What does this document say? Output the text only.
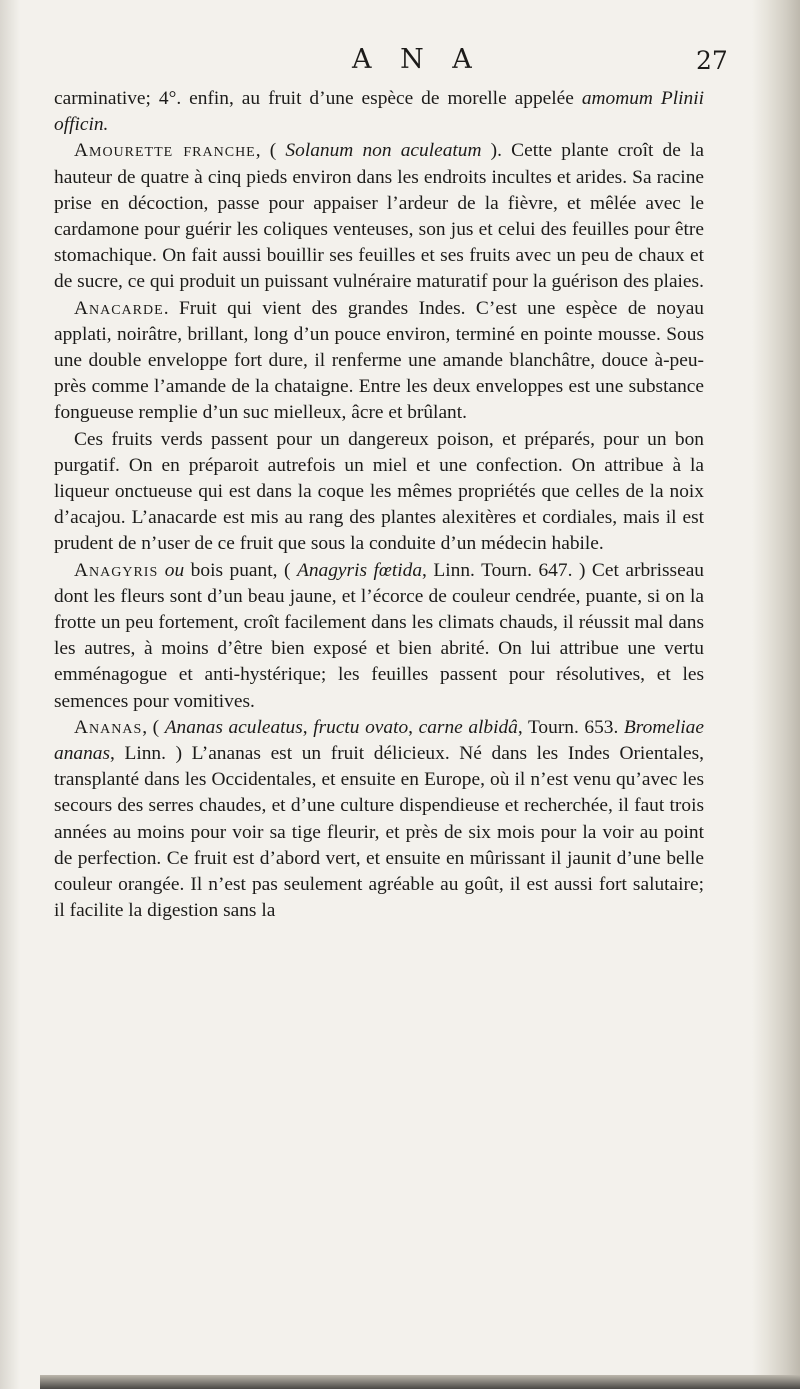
A N A	27

carminative; 4°. enfin, au fruit d’une espèce de morelle appelée amomum Plinii officin.

Amourette franche, ( Solanum non aculeatum ). Cette plante croît de la hauteur de quatre à cinq pieds environ dans les endroits incultes et arides. Sa racine prise en décoction, passe pour appaiser l’ardeur de la fièvre, et mêlée avec le cardamone pour guérir les coliques venteuses, son jus et celui des feuilles pour être stomachique. On fait aussi bouillir ses feuilles et ses fruits avec un peu de chaux et de sucre, ce qui produit un puissant vulnéraire maturatif pour la guérison des plaies.

Anacarde. Fruit qui vient des grandes Indes. C’est une espèce de noyau applati, noirâtre, brillant, long d’un pouce environ, terminé en pointe mousse. Sous une double enveloppe fort dure, il renferme une amande blanchâtre, douce à-peu-près comme l’amande de la chataigne. Entre les deux enveloppes est une substance fongueuse remplie d’un suc mielleux, âcre et brûlant.

Ces fruits verds passent pour un dangereux poison, et préparés, pour un bon purgatif. On en préparoit autrefois un miel et une confection. On attribue à la liqueur onctueuse qui est dans la coque les mêmes propriétés que celles de la noix d’acajou. L’anacarde est mis au rang des plantes alexitères et cordiales, mais il est prudent de n’user de ce fruit que sous la conduite d’un médecin habile.

Anagyris ou bois puant, ( Anagyris fœtida, Linn. Tourn. 647. ) Cet arbrisseau dont les fleurs sont d’un beau jaune, et l’écorce de couleur cendrée, puante, si on la frotte un peu fortement, croît facilement dans les climats chauds, il réussit mal dans les autres, à moins d’être bien exposé et bien abrité. On lui attribue une vertu emménagogue et anti-hystérique; les feuilles passent pour résolutives, et les semences pour vomitives.

Ananas, ( Ananas aculeatus, fructu ovato, carne albidâ, Tourn. 653. Bromeliae ananas, Linn. ) L’ananas est un fruit délicieux. Né dans les Indes Orientales, transplanté dans les Occidentales, et ensuite en Europe, où il n’est venu qu’avec les secours des serres chaudes, et d’une culture dispendieuse et recherchée, il faut trois années au moins pour voir sa tige fleurir, et près de six mois pour la voir au point de perfection. Ce fruit est d’abord vert, et ensuite en mûrissant il jaunit d’une belle couleur orangée. Il n’est pas seulement agréable au goût, il est aussi fort salutaire; il facilite la digestion sans la
